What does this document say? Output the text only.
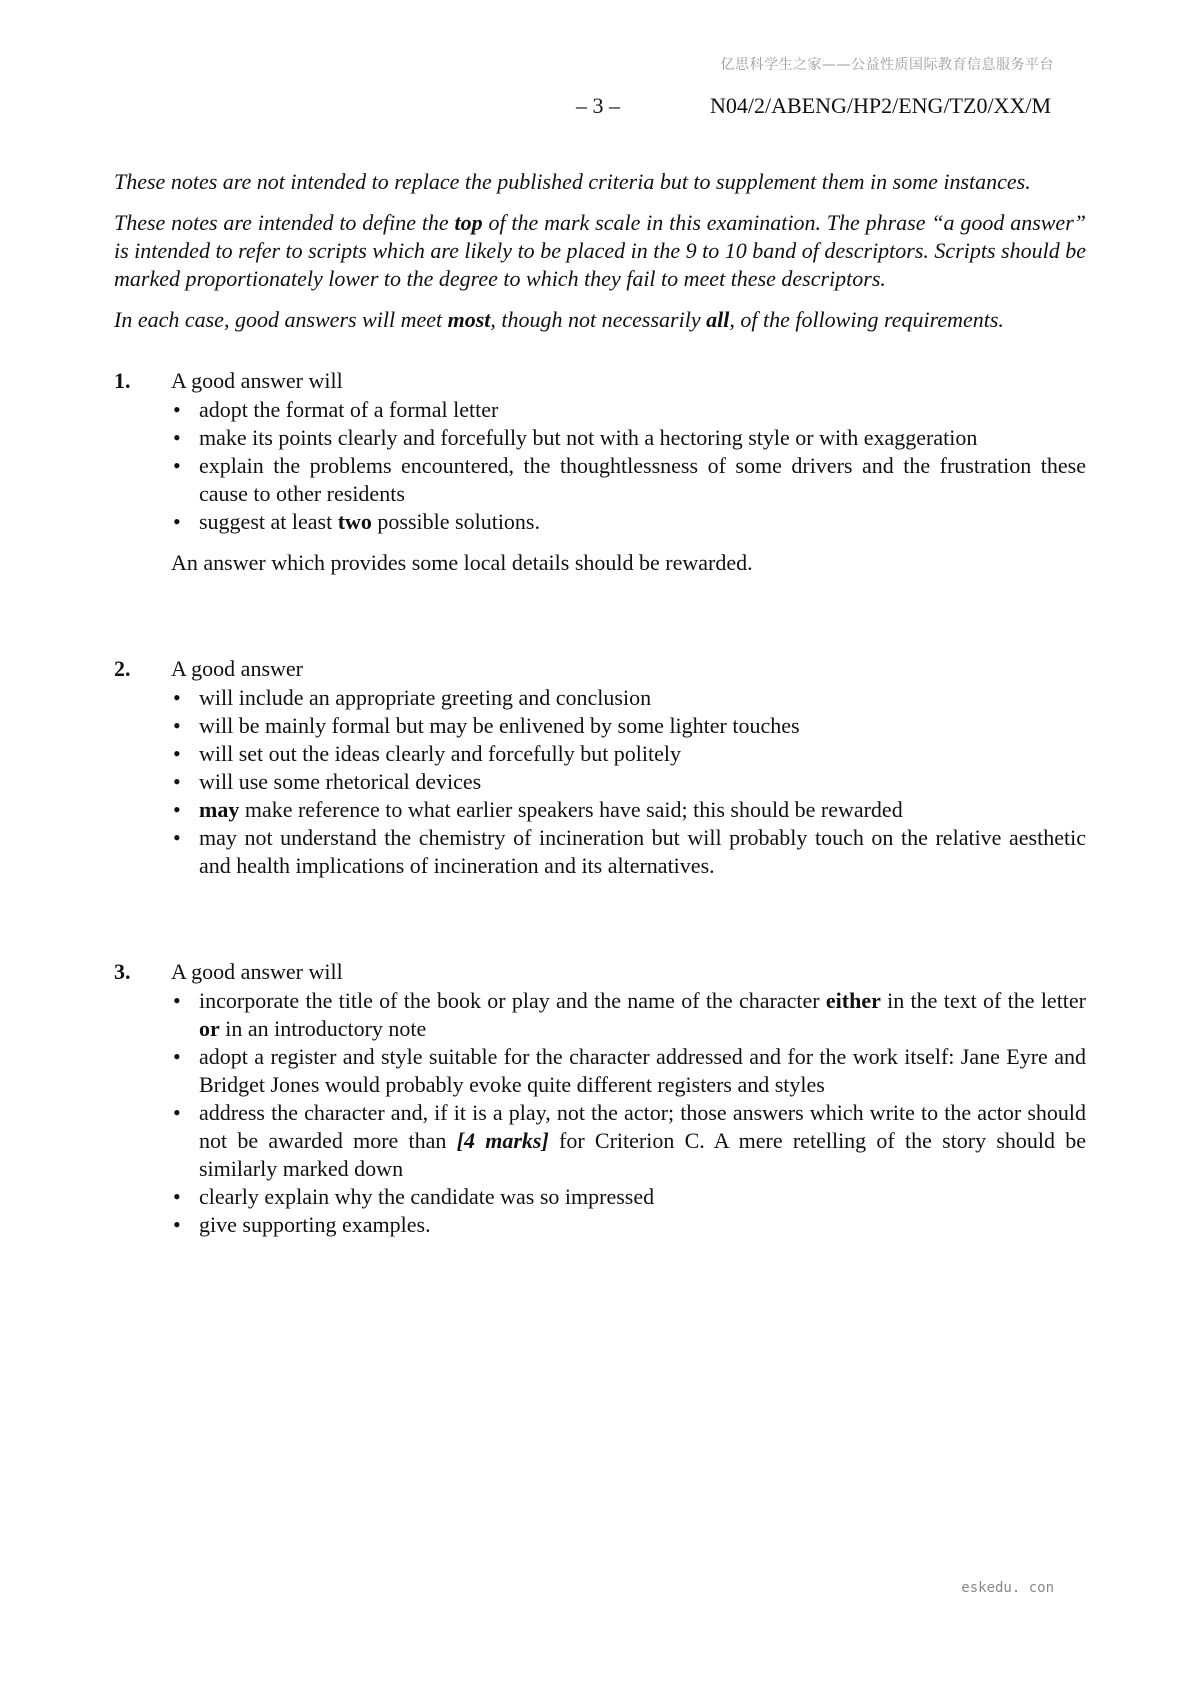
亿思科学生之家——公益性质国际教育信息服务平台
– 3 –	N04/2/ABENG/HP2/ENG/TZ0/XX/M

These notes are not intended to replace the published criteria but to supplement them in some instances.

These notes are intended to define the top of the mark scale in this examination. The phrase “a good answer” is intended to refer to scripts which are likely to be placed in the 9 to 10 band of descriptors. Scripts should be marked proportionately lower to the degree to which they fail to meet these descriptors.

In each case, good answers will meet most, though not necessarily all, of the following requirements.

1. A good answer will

• adopt the format of a formal letter
• make its points clearly and forcefully but not with a hectoring style or with exaggeration
• explain the problems encountered, the thoughtlessness of some drivers and the frustration these cause to other residents
• suggest at least two possible solutions.

An answer which provides some local details should be rewarded.

2. A good answer

• will include an appropriate greeting and conclusion
• will be mainly formal but may be enlivened by some lighter touches
• will set out the ideas clearly and forcefully but politely
• will use some rhetorical devices
• may make reference to what earlier speakers have said; this should be rewarded
• may not understand the chemistry of incineration but will probably touch on the relative aesthetic and health implications of incineration and its alternatives.
3. A good answer will

• incorporate the title of the book or play and the name of the character either in the text of the letter or in an introductory note
• adopt a register and style suitable for the character addressed and for the work itself: Jane Eyre and Bridget Jones would probably evoke quite different registers and styles
• address the character and, if it is a play, not the actor; those answers which write to the actor should not be awarded more than [4 marks] for Criterion C. A mere retelling of the story should be similarly marked down
• clearly explain why the candidate was so impressed
• give supporting examples.
eskedu. con
